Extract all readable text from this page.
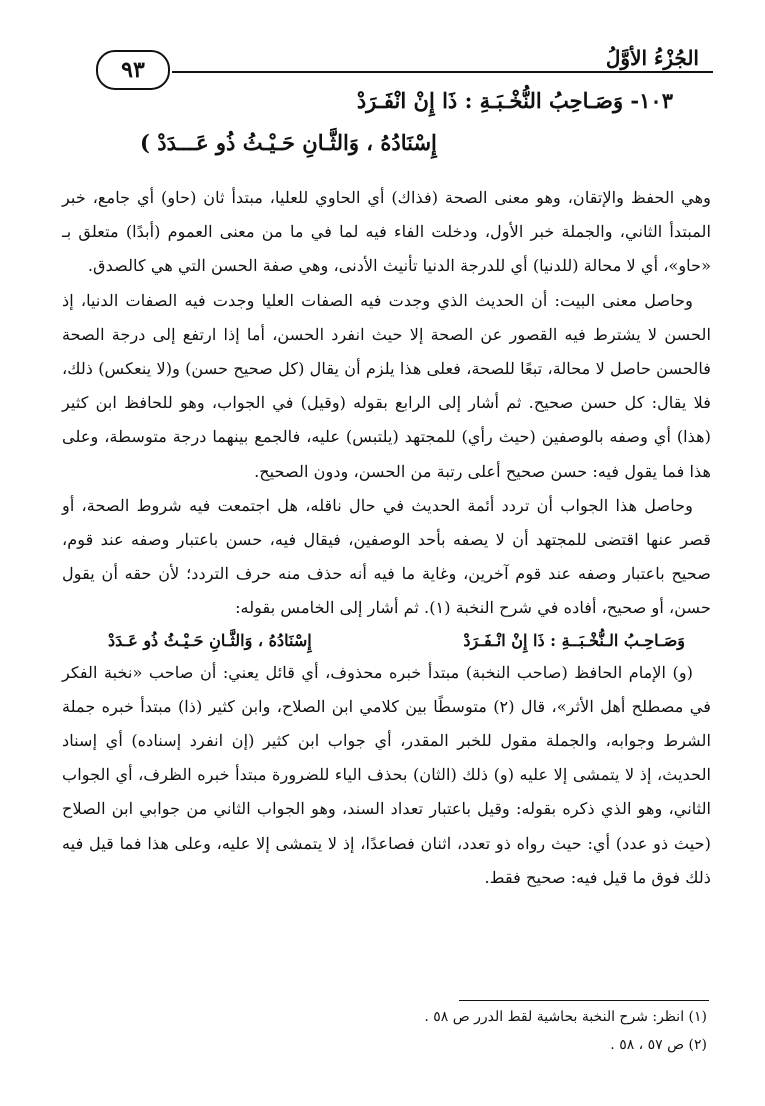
الجُزْءُ الأوَّلُ
٩٣
١٠٣- وَصَـاحِبُ النُّخْـبَـةِ : ذَا إِنْ انْفَـرَدْ
إِسْنَادُهُ ، وَالثَّـانِ حَـيْـثُ ذُو عَـــدَدْ )

وهي الحفظ والإتقان، وهو معنى الصحة (فذاك) أي الحاوي للعليا، مبتدأ ثان (حاو) أي جامع، خبر المبتدأ الثاني، والجملة خبر الأول، ودخلت الفاء فيه لما في ما من معنى العموم (أبدًا) متعلق بـ «حاو»، أي لا محالة (للدنيا) أي للدرجة الدنيا تأنيث الأدنى، وهي صفة الحسن التي هي كالصدق.

وحاصل معنى البيت: أن الحديث الذي وجدت فيه الصفات العليا وجدت فيه الصفات الدنيا، إذ الحسن لا يشترط فيه القصور عن الصحة إلا حيث انفرد الحسن، أما إذا ارتفع إلى درجة الصحة فالحسن حاصل لا محالة، تبعًا للصحة، فعلى هذا يلزم أن يقال (كل صحيح حسن) و(لا ينعكس) ذلك، فلا يقال: كل حسن صحيح. ثم أشار إلى الرابع بقوله (وقيل) في الجواب، وهو للحافظ ابن كثير (هذا) أي وصفه بالوصفين (حيث رأي) للمجتهد (يلتبس) عليه، فالجمع بينهما درجة متوسطة، وعلى هذا فما يقول فيه: حسن صحيح أعلى رتبة من الحسن، ودون الصحيح.

وحاصل هذا الجواب أن تردد أئمة الحديث في حال ناقله، هل اجتمعت فيه شروط الصحة، أو قصر عنها اقتضى للمجتهد أن لا يصفه بأحد الوصفين، فيقال فيه، حسن باعتبار وصفه عند قوم، صحيح باعتبار وصفه عند قوم آخرين، وغاية ما فيه أنه حذف منه حرف التردد؛ لأن حقه أن يقول حسن، أو صحيح، أفاده في شرح النخبة (١). ثم أشار إلى الخامس بقوله:

وَصَـاحِـبُ الـنُّخْـبَــةِ : ذَا إِنْ انْـفَـرَدْ
إِسْنَادُهُ ، وَالثَّـانِ حَـيْـثُ ذُو عَـدَدْ

(و) الإمام الحافظ (صاحب النخبة) مبتدأ خبره محذوف، أي قائل يعني: أن صاحب «نخبة الفكر في مصطلح أهل الأثر»، قال (٢) متوسطًا بين كلامي ابن الصلاح، وابن كثير (ذا) مبتدأ خبره جملة الشرط وجوابه، والجملة مقول للخبر المقدر، أي جواب ابن كثير (إن انفرد إسناده) أي إسناد الحديث، إذ لا يتمشى إلا عليه (و) ذلك (الثان) بحذف الياء للضرورة مبتدأ خبره الظرف، أي الجواب الثاني، وهو الذي ذكره بقوله: وقيل باعتبار تعداد السند، وهو الجواب الثاني من جوابي ابن الصلاح (حيث ذو عدد) أي: حيث رواه ذو تعدد، اثنان فصاعدًا، إذ لا يتمشى إلا عليه، وعلى هذا فما قيل فيه ذلك فوق ما قيل فيه: صحيح فقط.

(١) انظر: شرح النخبة بحاشية لقط الدرر ص ٥٨ .

(٢) ص ٥٧ ، ٥٨ .
